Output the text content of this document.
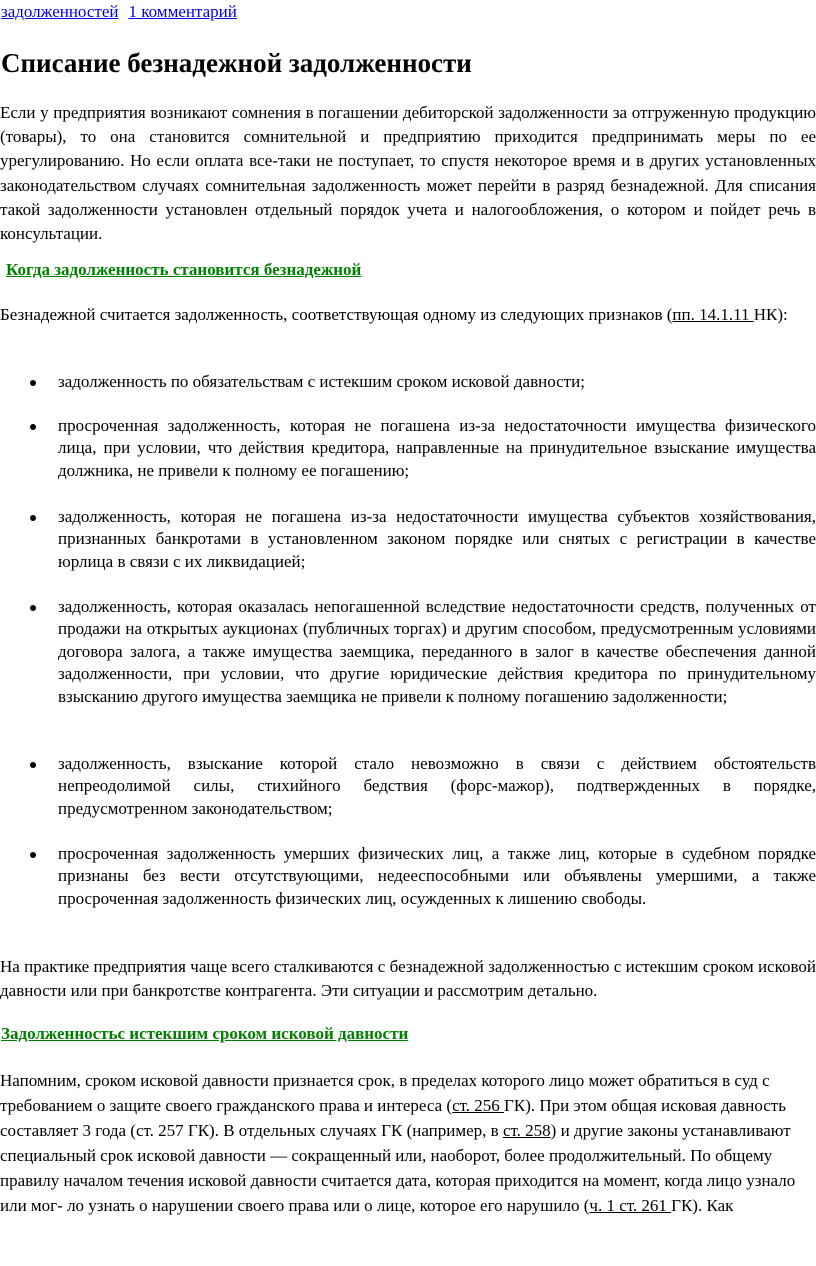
задолженностей 1 комментарий
Списание безнадежной задолженности

Если у предприятия возникают сомнения в погашении дебиторской задолженности за отгруженную продукцию (товары), то она становится сомнительной и предприятию приходится предпринимать меры по ее урегулированию. Но если оплата все-таки не поступает, то спустя некоторое время и в других установленных законодательством случаях сомнительная задолженность может перейти в разряд безнадежной. Для списания такой задолженности установлен отдельный порядок учета и налогообложения, о котором и пойдет речь в консультации.

Когда задолженность становится безнадежной

Безнадежной считается задолженность, соответствующая одному из следующих признаков (пп. 14.1.11 НК):

задолженность по обязательствам с истекшим сроком исковой давности;
просроченная задолженность, которая не погашена из-за недостаточности имущества физического лица, при условии, что действия кредитора, направленные на принудительное взыскание имущества должника, не привели к полному ее погашению;
задолженность, которая не погашена из-за недостаточности имущества субъектов хозяйствования, признанных банкротами в установленном законом порядке или снятых с регистрации в качестве юрлица в связи с их ликвидацией;
задолженность, которая оказалась непогашенной вследствие недостаточности средств, полученных от продажи на открытых аукционах (публичных торгах) и другим способом, предусмотренным условиями договора залога, а также имущества заемщика, переданного в залог в качестве обеспечения данной задолженности, при условии, что другие юридические действия кредитора по принудительному взысканию другого имущества заемщика не привели к полному погашению задолженности;
задолженность, взыскание которой стало невозможно в связи с действием обстоятельств непреодолимой силы, стихийного бедствия (форс-мажор), подтвержденных в порядке, предусмотренном законодательством;
просроченная задолженность умерших физических лиц, а также лиц, которые в судебном порядке признаны без вести отсутствующими, недееспособными или объявлены умершими, а также просроченная задолженность физических лиц, осужденных к лишению свободы.

На практике предприятия чаще всего сталкиваются с безнадежной задолженностью с истекшим сроком исковой давности или при банкротстве контрагента. Эти ситуации и рассмотрим детально.

Задолженностьс истекшим сроком исковой давности

Напомним, сроком исковой давности признается срок, в пределах которого лицо может обратиться в суд с требованием о защите своего гражданского права и интереса (ст. 256 ГК). При этом общая исковая давность составляет 3 года (ст. 257 ГК). В отдельных случаях ГК (например, в ст. 258) и другие законы устанавливают специальный срок исковой давности — сокращенный или, наоборот, более продолжительный. По общему правилу началом течения исковой давности считается дата, которая приходится на момент, когда лицо узнало или мог- ло узнать о нарушении своего права или о лице, которое его нарушило (ч. 1 ст. 261 ГК). Как
